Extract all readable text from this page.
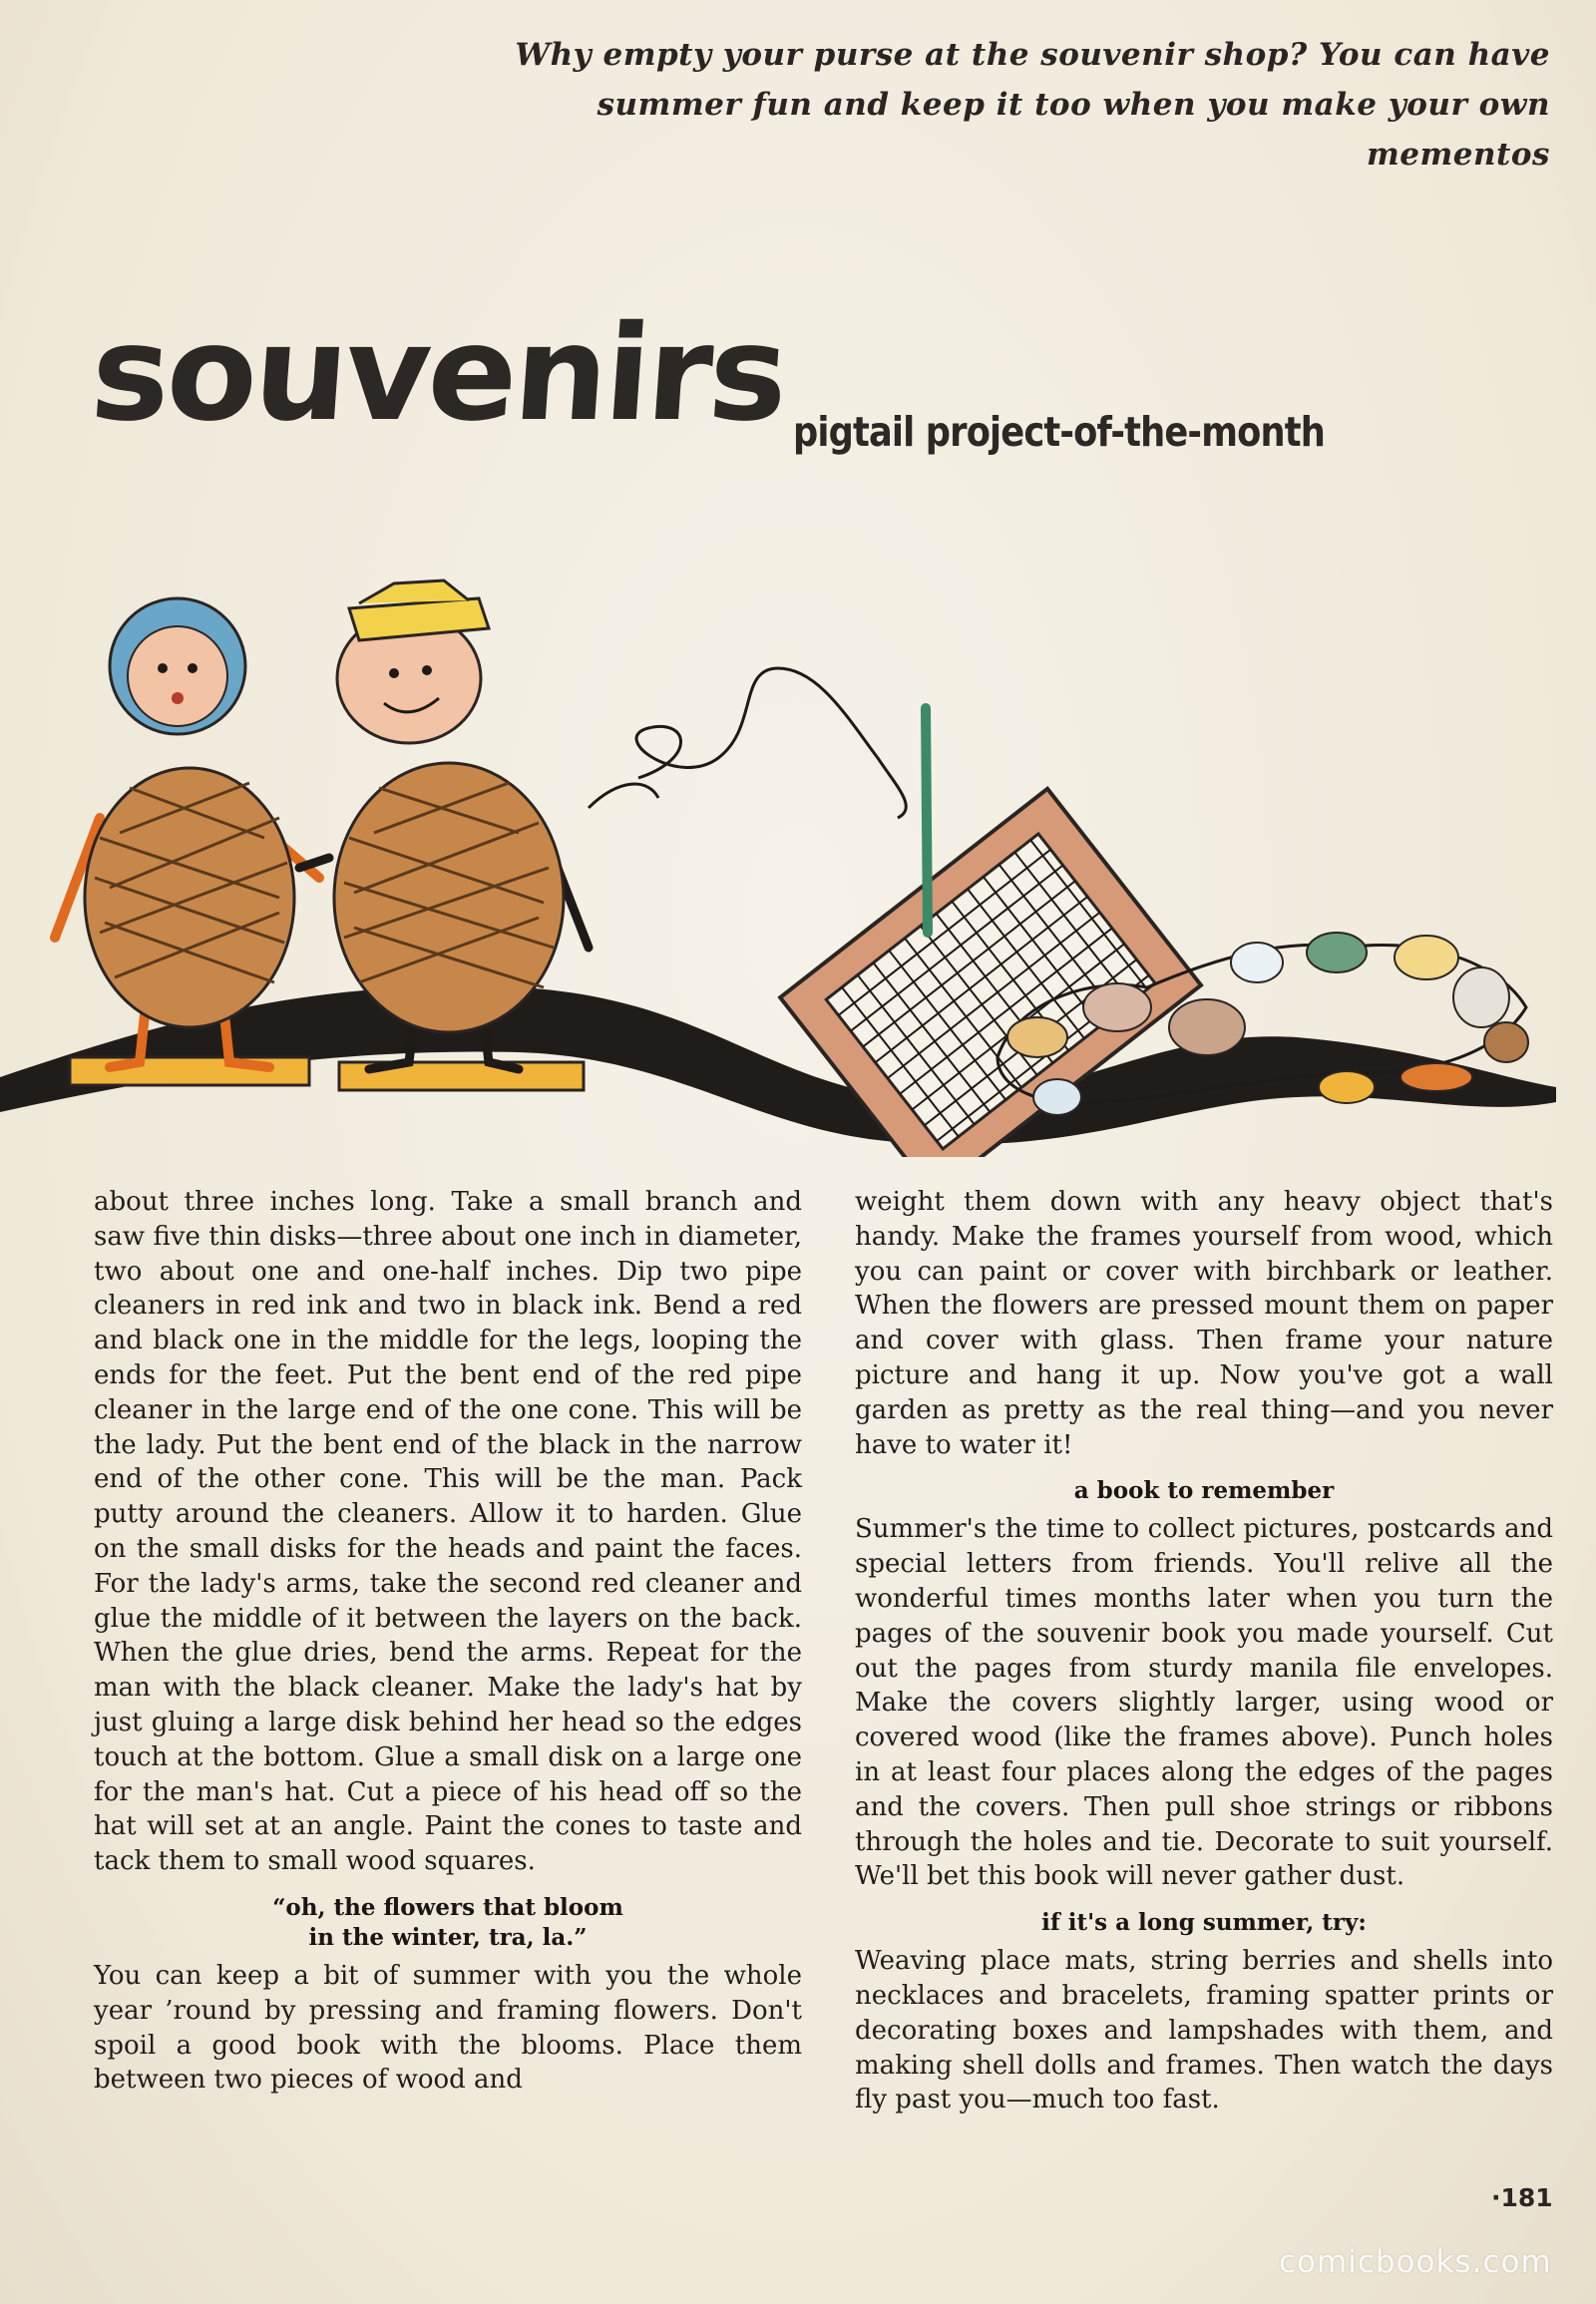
Why empty your purse at the souvenir shop? You can have
summer fun and keep it too when you make your own mementos
souvenirs pigtail project-of-the-month

about three inches long. Take a small branch and saw five thin disks—three about one inch in diameter, two about one and one-half inches. Dip two pipe cleaners in red ink and two in black ink. Bend a red and black one in the middle for the legs, looping the ends for the feet. Put the bent end of the red pipe cleaner in the large end of the one cone. This will be the lady. Put the bent end of the black in the narrow end of the other cone. This will be the man. Pack putty around the cleaners. Allow it to harden. Glue on the small disks for the heads and paint the faces. For the lady's arms, take the second red cleaner and glue the middle of it between the layers on the back. When the glue dries, bend the arms. Repeat for the man with the black cleaner. Make the lady's hat by just gluing a large disk behind her head so the edges touch at the bottom. Glue a small disk on a large one for the man's hat. Cut a piece of his head off so the hat will set at an angle. Paint the cones to taste and tack them to small wood squares.

“oh, the flowers that bloom
in the winter, tra, la.”

You can keep a bit of summer with you the whole year ’round by pressing and framing flowers. Don't spoil a good book with the blooms. Place them between two pieces of wood and

weight them down with any heavy object that's handy. Make the frames yourself from wood, which you can paint or cover with birchbark or leather. When the flowers are pressed mount them on paper and cover with glass. Then frame your nature picture and hang it up. Now you've got a wall garden as pretty as the real thing—and you never have to water it!

a book to remember

Summer's the time to collect pictures, postcards and special letters from friends. You'll relive all the wonderful times months later when you turn the pages of the souvenir book you made yourself. Cut out the pages from sturdy manila file envelopes. Make the covers slightly larger, using wood or covered wood (like the frames above). Punch holes in at least four places along the edges of the pages and the covers. Then pull shoe strings or ribbons through the holes and tie. Decorate to suit yourself. We'll bet this book will never gather dust.

if it's a long summer, try:

Weaving place mats, string berries and shells into necklaces and bracelets, framing spatter prints or decorating boxes and lampshades with them, and making shell dolls and frames. Then watch the days fly past you—much too fast.

·181
comicbooks.com
